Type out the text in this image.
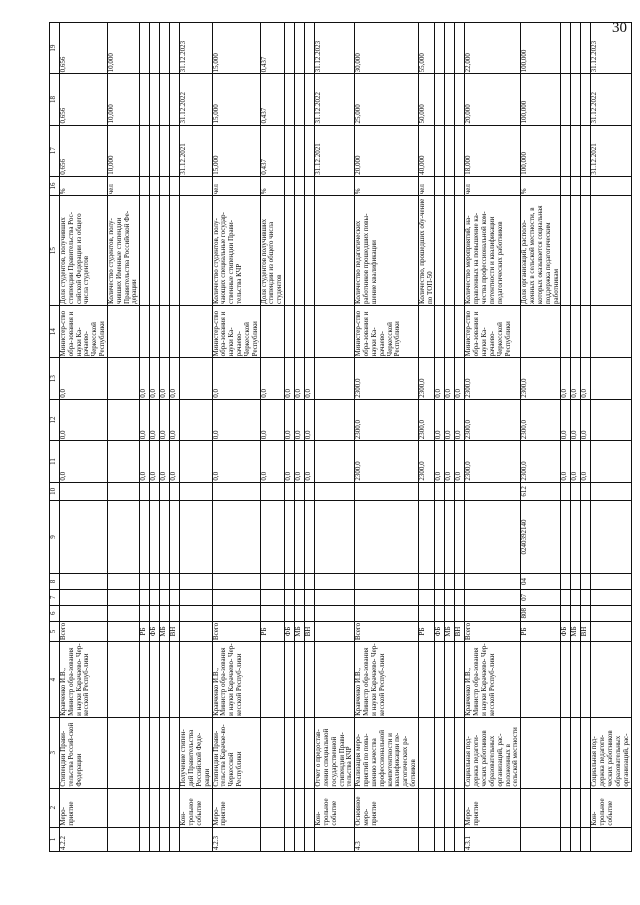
30
1	2	3	4	5	6	7	8	9	10	11	12	13	14	15	16	17	18	19
4.2.2	Меро-приятие	Стипендии Прави-тельства Россий-ской Федерации	Кравченко И.В., Министр обра-зования и науки Карачаево- Чер-кесской Респуб-лики	Всего						0,0	0,0	0,0	Министер-ство обра-зования и науки Ка-рачаево-Черкесской Республики	Доля студентов, получивших стипендии Правительства Рос-сийской Федерации из общего числа студентов	%	0,656	0,656	0,656
														Количество студентов, полу-чивших Именные стипендии Правительства Российской Фе-дерации	чел	10,000	10,000	10,000
				РБ						0,0	0,0	0,0						
				ФБ						0,0	0,0	0,0						
				МБ						0,0	0,0	0,0						
				ВН						0,0	0,0	0,0						
	Кон-трольное событие	Получение стипен-дий Правительства Российской Феде-рации														31.12.2021	31.12.2022	31.12.2023
4.2.3	Меро-приятие	Стипендии Прави-тельства Карачае-во-Черкесской Республики	Кравченко И.В., Министр обра-зования и науки Карачаево- Чер-кесской Респуб-лики	Всего						0,0	0,0	0,0	Министер-ство обра-зования и науки Ка-рачаево-Черкесской Республики	Количество студентов, полу-чающих специальные государ-ственные стипендии Прави-тельства КЧР	чел	15,000	15,000	15,000
				РБ						0,0	0,0	0,0		Доля студентов получивших стипендии из общего числа студентов	%	0,437	0,437	0,437
				ФБ						0,0	0,0	0,0						
				МБ						0,0	0,0	0,0						
				ВН						0,0	0,0	0,0						
	Кон-трольное событие	Отчет о предостав-лении специальной государственной стипендии Прави-тельства КЧР														31.12.2021	31.12.2022	31.12.2023
4.3	Основное меро-приятие	Реализация меро-приятий по повы-шению качества профессиональной компетентности и квалификации пе-дагогических ра-ботников	Кравченко И.В., Министр обра-зования и науки Карачаево- Чер-кесской Респуб-лики	Всего						2300,0	2300,0	2300,0	Министер-ство обра-зования и науки Ка-рачаево-Черкесской Республики	Количество педагогических работников прошедших повы-шение квалификации	%	20,000	25,000	30,000
				РБ						2300,0	2300,0	2300,0		Количество, прошедших обу-чение по ТОП-50	чел	40,000	50,000	55,000
				ФБ						0,0	0,0	0,0						
				МБ						0,0	0,0	0,0						
				ВН						0,0	0,0	0,0						
4.3.1	Меро-приятие	Социальная под-держка педагоги-ческих работников образовательных организаций, рас-положенных в сельской местности	Кравченко И.В., Министр обра-зования и науки Карачаево- Чер-кесской Респуб-лики	Всего						2300,0	2300,0	2300,0	Министер-ство обра-зования и науки Ка-рачаево-Черкесской Республики	Количество мероприятий, на-правленных на повышение ка-чества профессиональной ком-петентности и квалификации педагогических работников	чел	18,000	20,000	22,000
				РБ	808	07	04	0240392140	612	2300,0	2300,0	2300,0		Доля организаций, располо-женных в сельской местности, в которых оказывается социальная поддержка педагогическим работникам	%	100,000	100,000	100,000
				ФБ						0,0	0,0	0,0						
				МБ						0,0	0,0	0,0						
				ВН						0,0	0,0	0,0						
	Кон-трольное событие	Социальная под-держка педагоги-ческих работников образовательных организаций, рас-														31.12.2021	31.12.2022	31.12.2023
